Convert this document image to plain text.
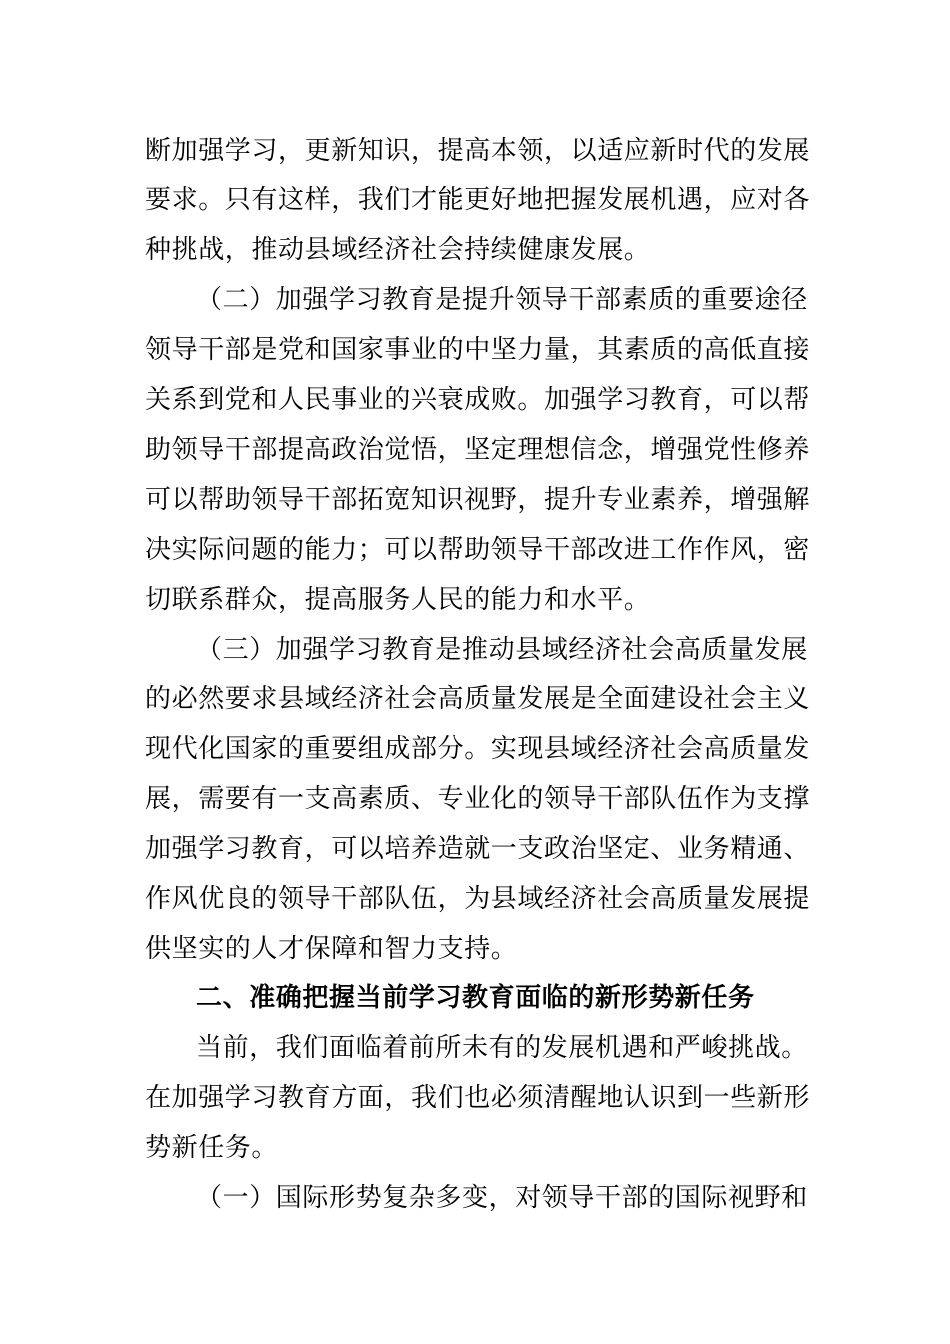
断加强学习，更新知识，提高本领，以适应新时代的发展
要求。只有这样，我们才能更好地把握发展机遇，应对各
种挑战，推动县域经济社会持续健康发展。
（二）加强学习教育是提升领导干部素质的重要途径
领导干部是党和国家事业的中坚力量，其素质的高低直接
关系到党和人民事业的兴衰成败。加强学习教育，可以帮
助领导干部提高政治觉悟，坚定理想信念，增强党性修养
可以帮助领导干部拓宽知识视野，提升专业素养，增强解
决实际问题的能力；可以帮助领导干部改进工作作风，密
切联系群众，提高服务人民的能力和水平。
（三）加强学习教育是推动县域经济社会高质量发展
的必然要求县域经济社会高质量发展是全面建设社会主义
现代化国家的重要组成部分。实现县域经济社会高质量发
展，需要有一支高素质、专业化的领导干部队伍作为支撑
加强学习教育，可以培养造就一支政治坚定、业务精通、
作风优良的领导干部队伍，为县域经济社会高质量发展提
供坚实的人才保障和智力支持。
二、准确把握当前学习教育面临的新形势新任务
当前，我们面临着前所未有的发展机遇和严峻挑战。
在加强学习教育方面，我们也必须清醒地认识到一些新形
势新任务。
（一）国际形势复杂多变，对领导干部的国际视野和
